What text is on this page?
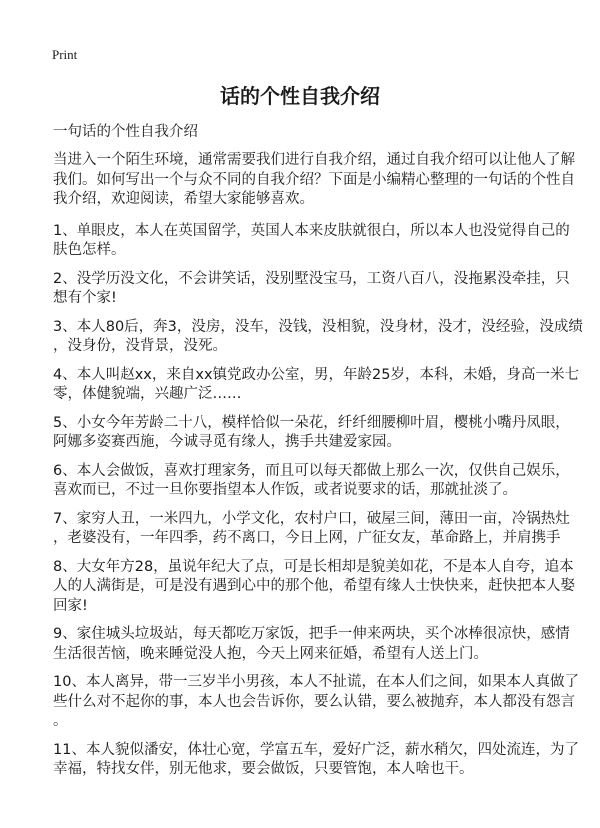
Print
话的个性自我介绍
一句话的个性自我介绍
当进入一个陌生环境，通常需要我们进行自我介绍，通过自我介绍可以让他人了解
我们。如何写出一个与众不同的自我介绍？下面是小编精心整理的一句话的个性自
我介绍，欢迎阅读，希望大家能够喜欢。
1、单眼皮，本人在英国留学，英国人本来皮肤就很白，所以本人也没觉得自己的
肤色怎样。
2、没学历没文化，不会讲笑话，没别墅没宝马，工资八百八，没拖累没牵挂，只
想有个家!
3、本人80后，奔3，没房，没车，没钱，没相貌，没身材，没才，没经验，没成绩
，没身份，没背景，没死。
4、本人叫赵xx，来自xx镇党政办公室，男，年龄25岁，本科，未婚，身高一米七
零，体健貌端，兴趣广泛……
5、小女今年芳龄二十八，模样恰似一朵花，纤纤细腰柳叶眉，樱桃小嘴丹凤眼，
阿娜多姿赛西施，今诚寻觅有缘人，携手共建爱家园。
6、本人会做饭，喜欢打理家务，而且可以每天都做上那么一次，仅供自己娱乐，
喜欢而已，不过一旦你要指望本人作饭，或者说要求的话，那就扯淡了。
7、家穷人丑，一米四九，小学文化，农村户口，破屋三间，薄田一亩，冷锅热灶
，老婆没有，一年四季，药不离口，今日上网，广征女友，革命路上，并肩携手
8、大女年方28，虽说年纪大了点，可是长相却是貌美如花，不是本人自夸，追本
人的人满街是，可是没有遇到心中的那个他，希望有缘人士快快来，赶快把本人娶
回家!
9、家住城头垃圾站，每天都吃万家饭，把手一伸来两块，买个冰棒很凉快，感情
生活很苦恼，晚来睡觉没人抱，今天上网来征婚，希望有人送上门。
10、本人离异，带一三岁半小男孩，本人不扯谎，在本人们之间，如果本人真做了
些什么对不起你的事，本人也会告诉你，要么认错，要么被抛弃，本人都没有怨言
。
11、本人貌似潘安，体壮心宽，学富五车，爱好广泛，薪水稍欠，四处流连，为了
幸福，特找女伴，别无他求，要会做饭，只要管饱，本人啥也干。
